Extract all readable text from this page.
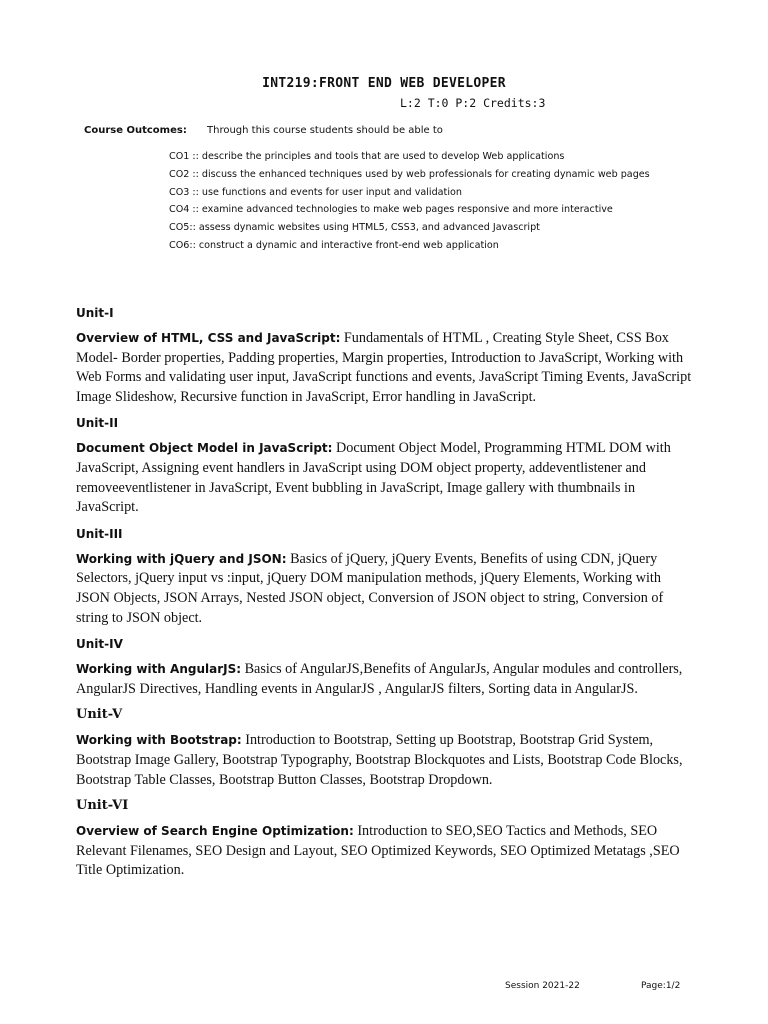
INT219:FRONT END WEB DEVELOPER
L:2 T:0 P:2 Credits:3
Course Outcomes: Through this course students should be able to

CO1 :: describe the principles and tools that are used to develop Web applications

CO2 :: discuss the enhanced techniques used by web professionals for creating dynamic web pages

CO3 :: use functions and events for user input and validation

CO4 :: examine advanced technologies to make web pages responsive and more interactive

CO5:: assess dynamic websites using HTML5, CSS3, and advanced Javascript

CO6:: construct a dynamic and interactive front-end web application

Unit-I

Overview of HTML, CSS and JavaScript: Fundamentals of HTML , Creating Style Sheet, CSS Box Model- Border properties, Padding properties, Margin properties, Introduction to JavaScript, Working with Web Forms and validating user input, JavaScript functions and events, JavaScript Timing Events, JavaScript Image Slideshow, Recursive function in JavaScript, Error handling in JavaScript.

Unit-II

Document Object Model in JavaScript: Document Object Model, Programming HTML DOM with JavaScript, Assigning event handlers in JavaScript using DOM object property, addeventlistener and removeeventlistener in JavaScript, Event bubbling in JavaScript, Image gallery with thumbnails in JavaScript.

Unit-III

Working with jQuery and JSON: Basics of jQuery, jQuery Events, Benefits of using CDN, jQuery Selectors, jQuery input vs :input, jQuery DOM manipulation methods, jQuery Elements, Working with JSON Objects, JSON Arrays, Nested JSON object, Conversion of JSON object to string, Conversion of string to JSON object.

Unit-IV

Working with AngularJS: Basics of AngularJS,Benefits of AngularJs, Angular modules and controllers, AngularJS Directives, Handling events in AngularJS , AngularJS filters, Sorting data in AngularJS.

Unit-V

Working with Bootstrap: Introduction to Bootstrap, Setting up Bootstrap, Bootstrap Grid System, Bootstrap Image Gallery, Bootstrap Typography, Bootstrap Blockquotes and Lists, Bootstrap Code Blocks, Bootstrap Table Classes, Bootstrap Button Classes, Bootstrap Dropdown.

Unit-VI

Overview of Search Engine Optimization: Introduction to SEO,SEO Tactics and Methods, SEO Relevant Filenames, SEO Design and Layout, SEO Optimized Keywords, SEO Optimized Metatags ,SEO Title Optimization.

Session 2021-22	Page:1/2
